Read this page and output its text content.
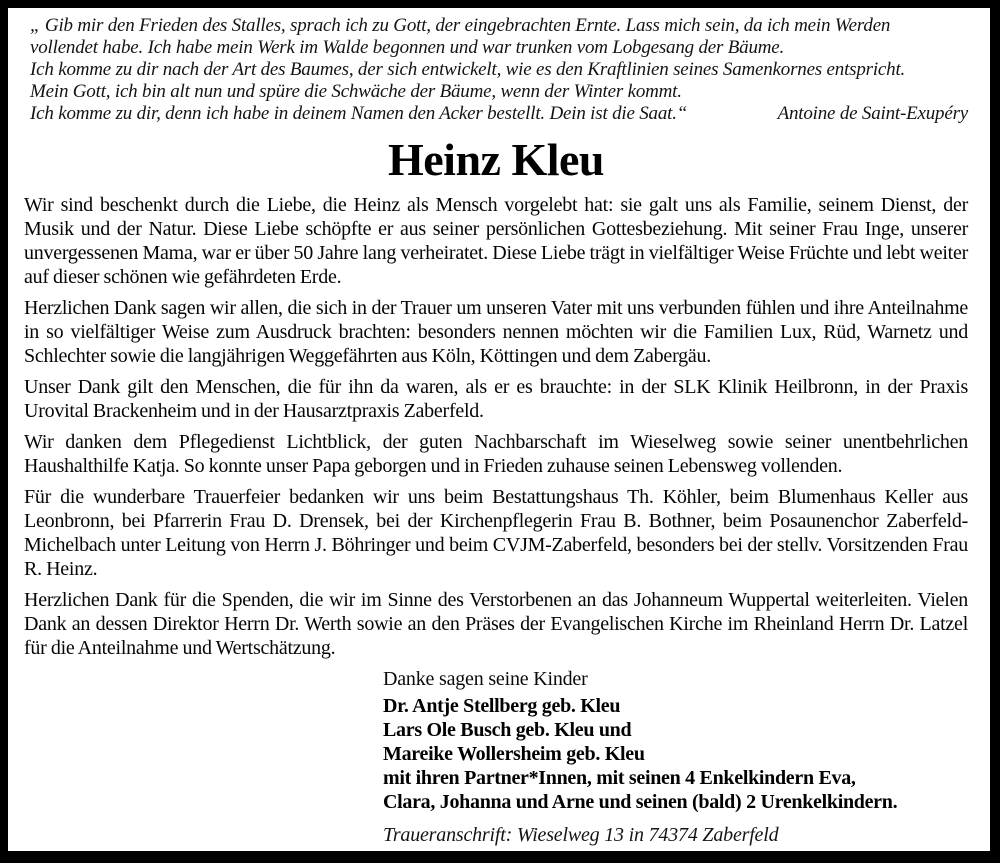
„ Gib mir den Frieden des Stalles, sprach ich zu Gott, der eingebrachten Ernte. Lass mich sein, da ich mein Werden
vollendet habe. Ich habe mein Werk im Walde begonnen und war trunken vom Lobgesang der Bäume.
Ich komme zu dir nach der Art des Baumes, der sich entwickelt, wie es den Kraftlinien seines Samenkornes entspricht.
Mein Gott, ich bin alt nun und spüre die Schwäche der Bäume, wenn der Winter kommt.
Ich komme zu dir, denn ich habe in deinem Namen den Acker bestellt. Dein ist die Saat.“	Antoine de Saint-Exupéry
Heinz Kleu

Wir sind beschenkt durch die Liebe, die Heinz als Mensch vorgelebt hat: sie galt uns als Familie, seinem Dienst, der Musik und der Natur. Diese Liebe schöpfte er aus seiner persönlichen Gottesbeziehung. Mit seiner Frau Inge, unserer unvergessenen Mama, war er über 50 Jahre lang verheiratet. Diese Liebe trägt in vielfältiger Weise Früchte und lebt weiter auf dieser schönen wie gefährdeten Erde.

Herzlichen Dank sagen wir allen, die sich in der Trauer um unseren Vater mit uns verbunden fühlen und ihre Anteilnahme in so vielfältiger Weise zum Ausdruck brachten: besonders nennen möchten wir die Familien Lux, Rüd, Warnetz und Schlechter sowie die langjährigen Weggefährten aus Köln, Köttingen und dem Zabergäu.

Unser Dank gilt den Menschen, die für ihn da waren, als er es brauchte: in der SLK Klinik Heilbronn, in der Praxis Urovital Brackenheim und in der Hausarztpraxis Zaberfeld.

Wir danken dem Pflegedienst Lichtblick, der guten Nachbarschaft im Wieselweg sowie seiner unentbehrlichen Haushalthilfe Katja. So konnte unser Papa geborgen und in Frieden zuhause seinen Lebensweg vollenden.

Für die wunderbare Trauerfeier bedanken wir uns beim Bestattungshaus Th. Köhler, beim Blumenhaus Keller aus Leonbronn, bei Pfarrerin Frau D. Drensek, bei der Kirchenpflegerin Frau B. Bothner, beim Posaunenchor Zaberfeld-Michelbach unter Leitung von Herrn J. Böhringer und beim CVJM-Zaberfeld, besonders bei der stellv. Vorsitzenden Frau R. Heinz.

Herzlichen Dank für die Spenden, die wir im Sinne des Verstorbenen an das Johanneum Wuppertal weiterleiten. Vielen Dank an dessen Direktor Herrn Dr. Werth sowie an den Präses der Evangelischen Kirche im Rheinland Herrn Dr. Latzel für die Anteilnahme und Wertschätzung.

Danke sagen seine Kinder
Dr. Antje Stellberg geb. Kleu
Lars Ole Busch geb. Kleu und
Mareike Wollersheim geb. Kleu
mit ihren Partner*Innen, mit seinen 4 Enkelkindern Eva,
Clara, Johanna und Arne und seinen (bald) 2 Urenkelkindern.
Traueranschrift: Wieselweg 13 in 74374 Zaberfeld
